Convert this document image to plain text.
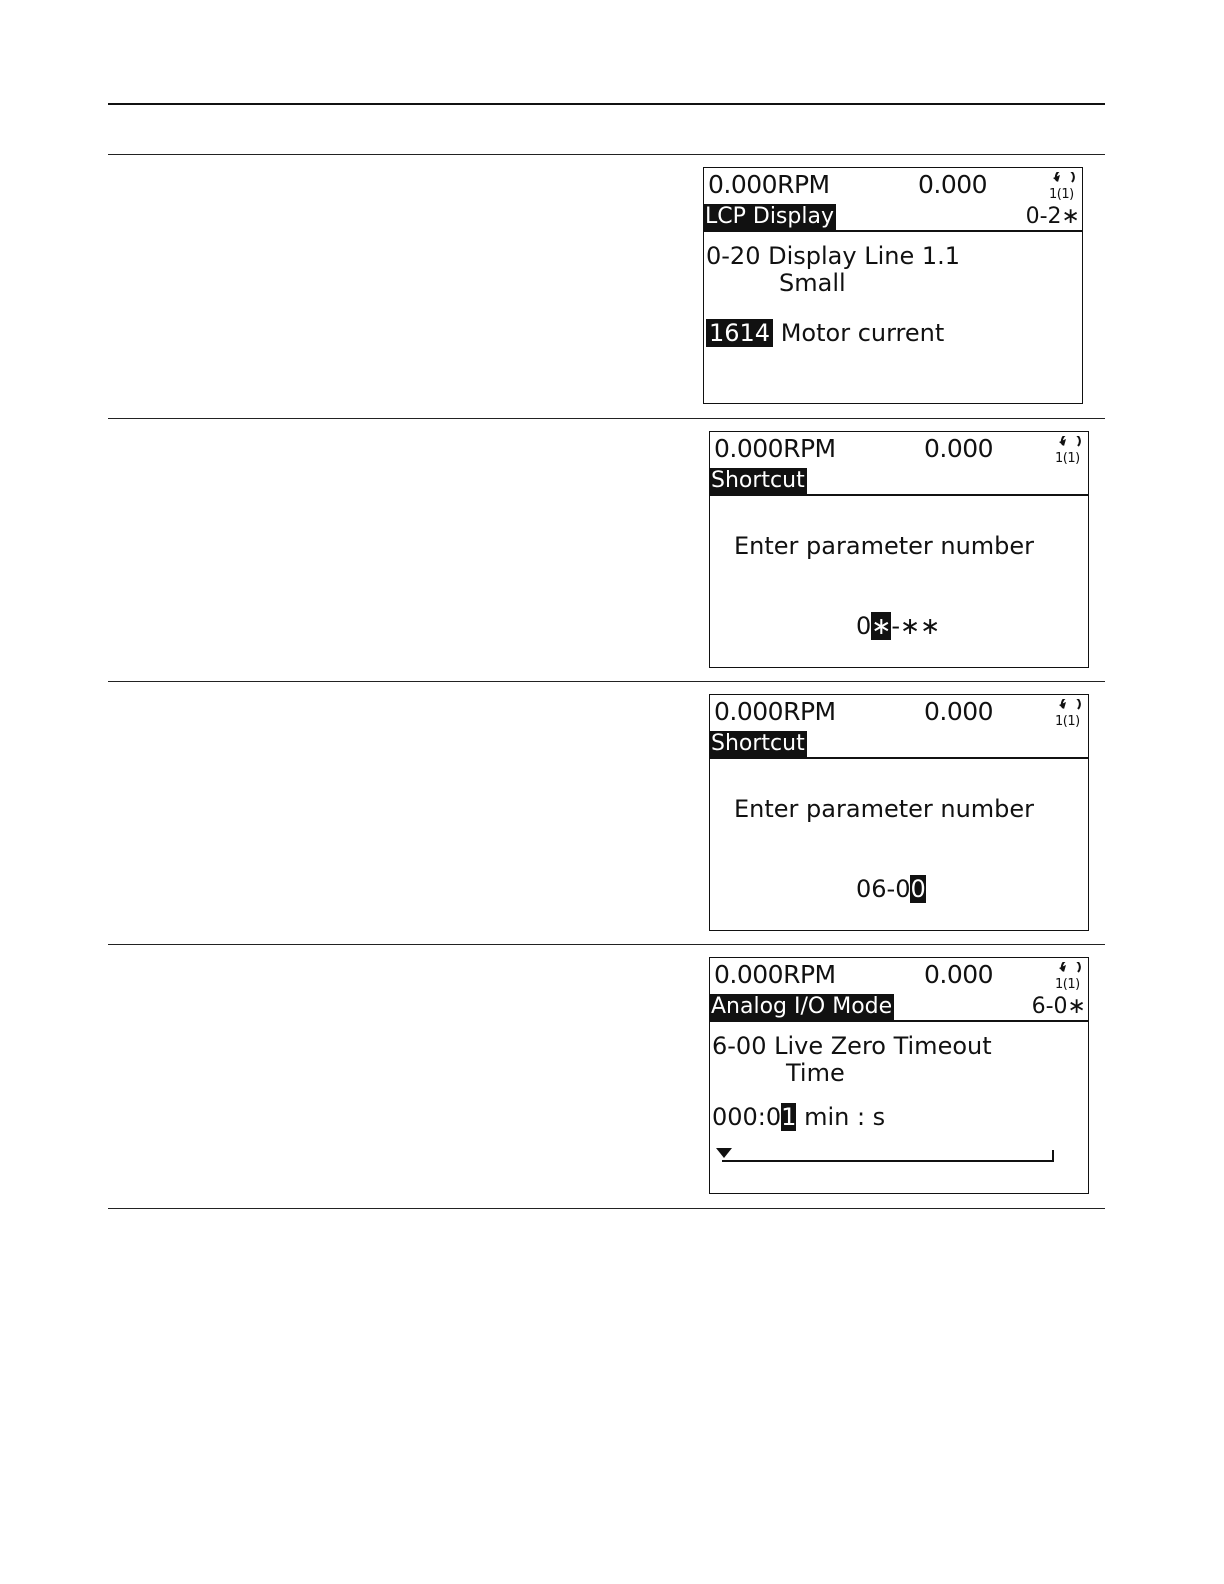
0.000RPM	0.000	1(1)
LCP Display	0-2∗
0-20 Display Line 1.1
Small
1614 Motor current
0.000RPM	0.000	1(1)
Shortcut
Enter parameter number
0∗-∗∗
0.000RPM	0.000	1(1)
Shortcut
Enter parameter number
06-00
0.000RPM	0.000	1(1)
Analog I/O Mode	6-0∗
6-00 Live Zero Timeout
Time
000:01 min : s
